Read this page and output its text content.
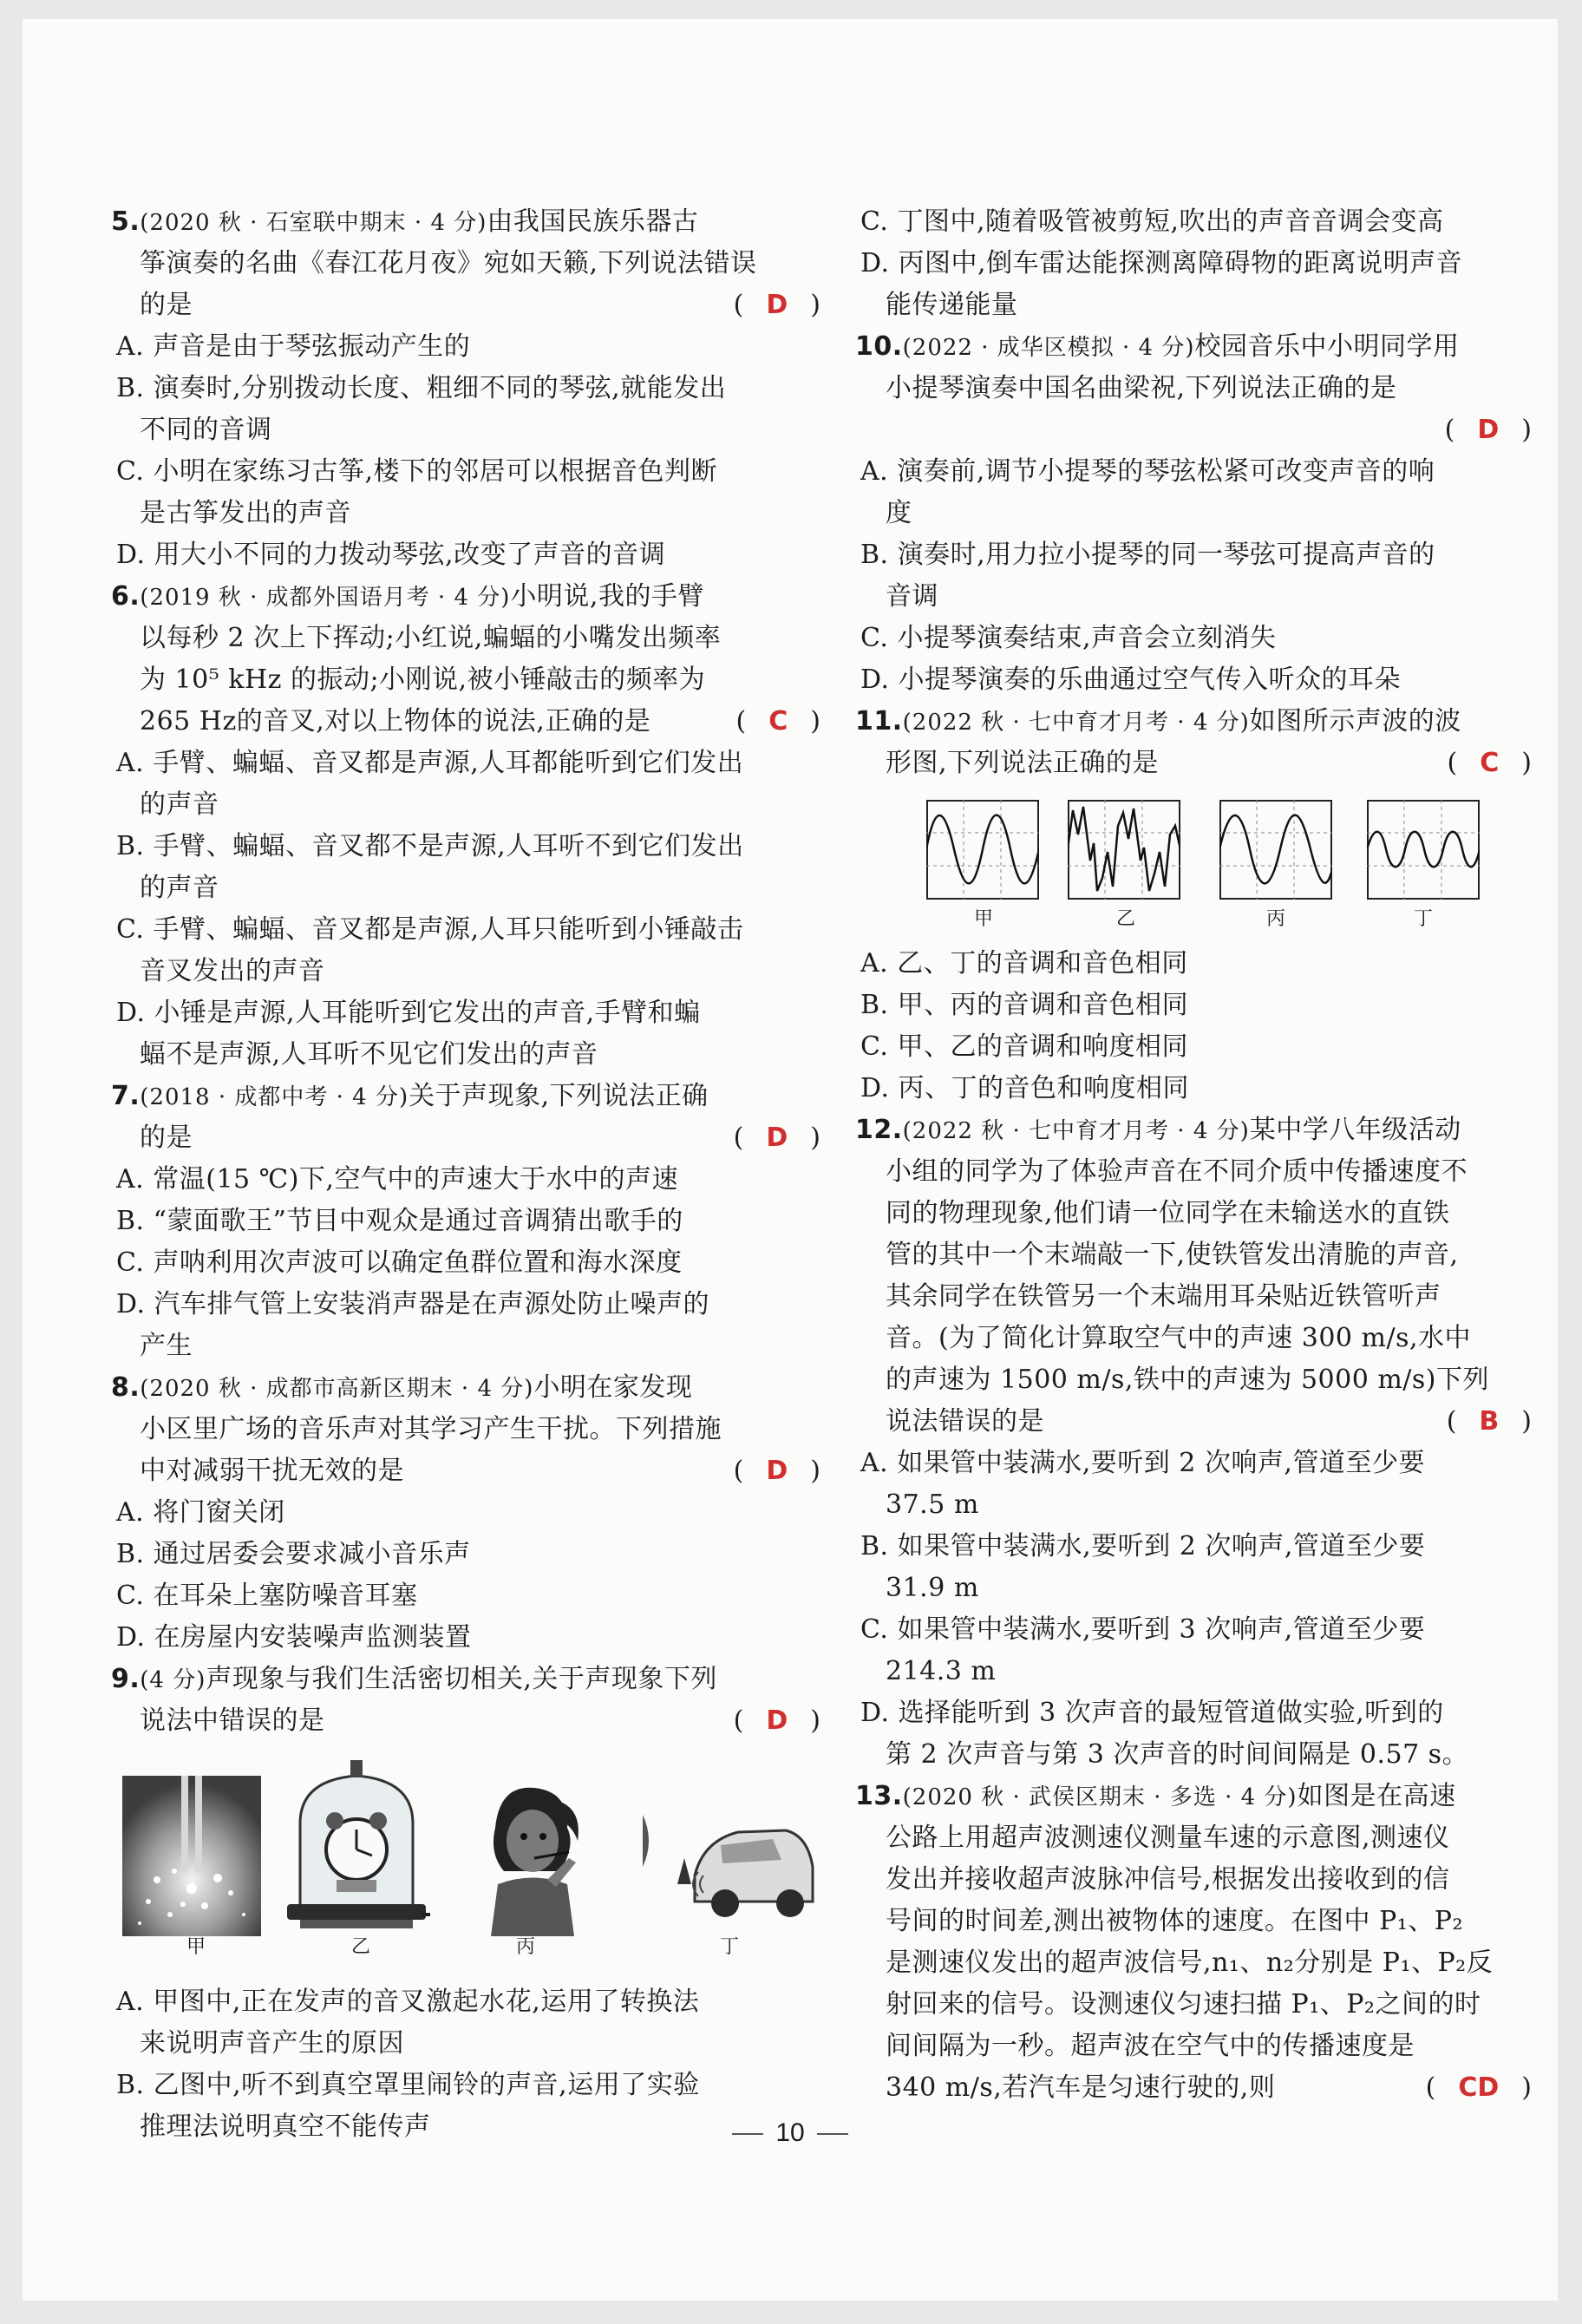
5.(2020 秋 · 石室联中期末 · 4 分)由我国民族乐器古
筝演奏的名曲《春江花月夜》宛如天籁,下列说法错误
的是	( D )
A. 声音是由于琴弦振动产生的
B. 演奏时,分别拨动长度、粗细不同的琴弦,就能发出
不同的音调
C. 小明在家练习古筝,楼下的邻居可以根据音色判断
是古筝发出的声音
D. 用大小不同的力拨动琴弦,改变了声音的音调
6.(2019 秋 · 成都外国语月考 · 4 分)小明说,我的手臂
以每秒 2 次上下挥动;小红说,蝙蝠的小嘴发出频率
为 10⁵ kHz 的振动;小刚说,被小锤敲击的频率为
265 Hz的音叉,对以上物体的说法,正确的是	( C )
A. 手臂、蝙蝠、音叉都是声源,人耳都能听到它们发出
的声音
B. 手臂、蝙蝠、音叉都不是声源,人耳听不到它们发出
的声音
C. 手臂、蝙蝠、音叉都是声源,人耳只能听到小锤敲击
音叉发出的声音
D. 小锤是声源,人耳能听到它发出的声音,手臂和蝙
蝠不是声源,人耳听不见它们发出的声音
7.(2018 · 成都中考 · 4 分)关于声现象,下列说法正确
的是	( D )
A. 常温(15 ℃)下,空气中的声速大于水中的声速
B. “蒙面歌王”节目中观众是通过音调猜出歌手的
C. 声呐利用次声波可以确定鱼群位置和海水深度
D. 汽车排气管上安装消声器是在声源处防止噪声的
产生
8.(2020 秋 · 成都市高新区期末 · 4 分)小明在家发现
小区里广场的音乐声对其学习产生干扰。下列措施
中对减弱干扰无效的是	( D )
A. 将门窗关闭
B. 通过居委会要求减小音乐声
C. 在耳朵上塞防噪音耳塞
D. 在房屋内安装噪声监测装置
9.(4 分)声现象与我们生活密切相关,关于声现象下列
说法中错误的是	( D )
A. 甲图中,正在发声的音叉激起水花,运用了转换法
来说明声音产生的原因
B. 乙图中,听不到真空罩里闹铃的声音,运用了实验
推理法说明真空不能传声
C. 丁图中,随着吸管被剪短,吹出的声音音调会变高
D. 丙图中,倒车雷达能探测离障碍物的距离说明声音
能传递能量
10.(2022 · 成华区模拟 · 4 分)校园音乐中小明同学用
小提琴演奏中国名曲梁祝,下列说法正确的是
( D )
A. 演奏前,调节小提琴的琴弦松紧可改变声音的响
度
B. 演奏时,用力拉小提琴的同一琴弦可提高声音的
音调
C. 小提琴演奏结束,声音会立刻消失
D. 小提琴演奏的乐曲通过空气传入听众的耳朵
11.(2022 秋 · 七中育才月考 · 4 分)如图所示声波的波
形图,下列说法正确的是	( C )
A. 乙、丁的音调和音色相同
B. 甲、丙的音调和音色相同
C. 甲、乙的音调和响度相同
D. 丙、丁的音色和响度相同
12.(2022 秋 · 七中育才月考 · 4 分)某中学八年级活动
小组的同学为了体验声音在不同介质中传播速度不
同的物理现象,他们请一位同学在未输送水的直铁
管的其中一个末端敲一下,使铁管发出清脆的声音,
其余同学在铁管另一个末端用耳朵贴近铁管听声
音。(为了简化计算取空气中的声速 300 m/s,水中
的声速为 1500 m/s,铁中的声速为 5000 m/s)下列
说法错误的是	( B )
A. 如果管中装满水,要听到 2 次响声,管道至少要
37.5 m
B. 如果管中装满水,要听到 2 次响声,管道至少要
31.9 m
C. 如果管中装满水,要听到 3 次响声,管道至少要
214.3 m
D. 选择能听到 3 次声音的最短管道做实验,听到的
第 2 次声音与第 3 次声音的时间间隔是 0.57 s。
13.(2020 秋 · 武侯区期末 · 多选 · 4 分)如图是在高速
公路上用超声波测速仪测量车速的示意图,测速仪
发出并接收超声波脉冲信号,根据发出接收到的信
号间的时间差,测出被物体的速度。在图中 P₁、P₂
是测速仪发出的超声波信号,n₁、n₂分别是 P₁、P₂反
射回来的信号。设测速仪匀速扫描 P₁、P₂之间的时
间间隔为一秒。超声波在空气中的传播速度是
340 m/s,若汽车是匀速行驶的,则	( CD )
甲	乙	丙	丁
甲	乙	丙	丁
10
